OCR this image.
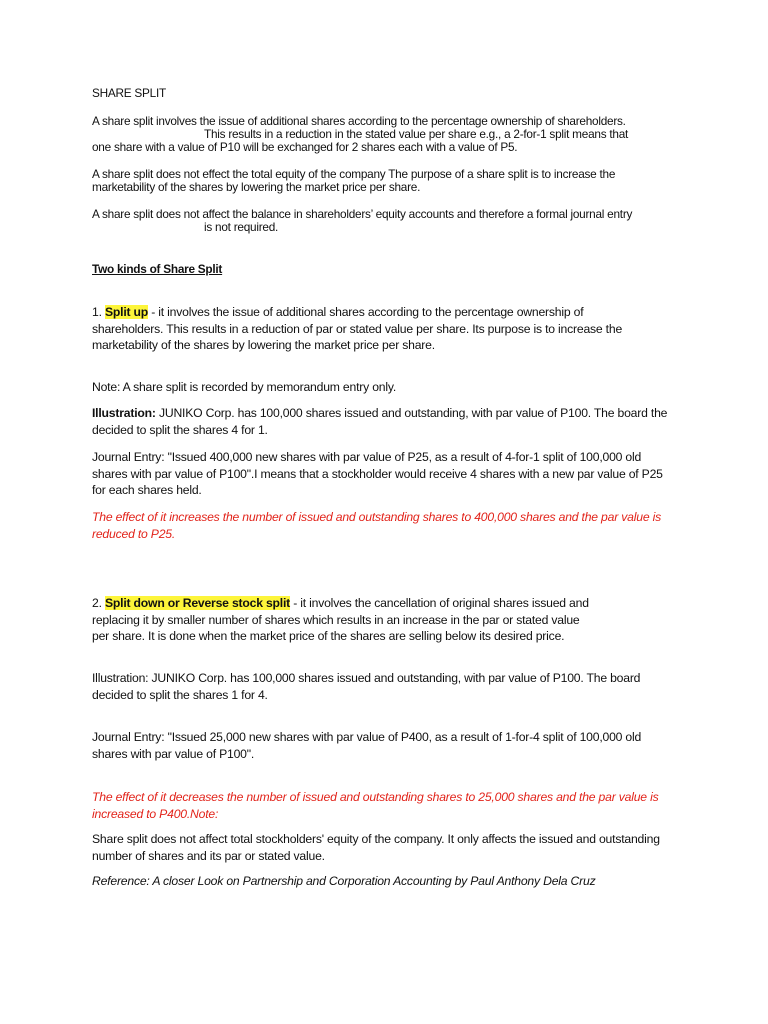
SHARE SPLIT
A share split involves the issue of additional shares according to the percentage ownership of shareholders.
This results in a reduction in the stated value per share e.g., a 2-for-1 split means that
one share with a value of P10 will be exchanged for 2 shares each with a value of P5.
A share split does not effect the total equity of the company The purpose of a share split is to increase the
marketability of the shares by lowering the market price per share.
A share split does not affect the balance in shareholders’ equity accounts and therefore a formal journal entry
is not required.
Two kinds of Share Split
1. Split up - it involves the issue of additional shares according to the percentage ownership of
shareholders. This results in a reduction of par or stated value per share. Its purpose is to increase the
marketability of the shares by lowering the market price per share.
Note: A share split is recorded by memorandum entry only.
Illustration: JUNIKO Corp. has 100,000 shares issued and outstanding, with par value of P100. The board the
decided to split the shares 4 for 1.
Journal Entry: "Issued 400,000 new shares with par value of P25, as a result of 4-for-1 split of 100,000 old
shares with par value of P100".I means that a stockholder would receive 4 shares with a new par value of P25
for each shares held.
The effect of it increases the number of issued and outstanding shares to 400,000 shares and the par value is
reduced to P25.
2. Split down or Reverse stock split - it involves the cancellation of original shares issued and
replacing it by smaller number of shares which results in an increase in the par or stated value
per share. It is done when the market price of the shares are selling below its desired price.
Illustration: JUNIKO Corp. has 100,000 shares issued and outstanding, with par value of P100. The board
decided to split the shares 1 for 4.
Journal Entry: "Issued 25,000 new shares with par value of P400, as a result of 1-for-4 split of 100,000 old
shares with par value of P100".
The effect of it decreases the number of issued and outstanding shares to 25,000 shares and the par value is
increased to P400.Note:
Share split does not affect total stockholders' equity of the company. It only affects the issued and outstanding
number of shares and its par or stated value.
Reference: A closer Look on Partnership and Corporation Accounting by Paul Anthony Dela Cruz
